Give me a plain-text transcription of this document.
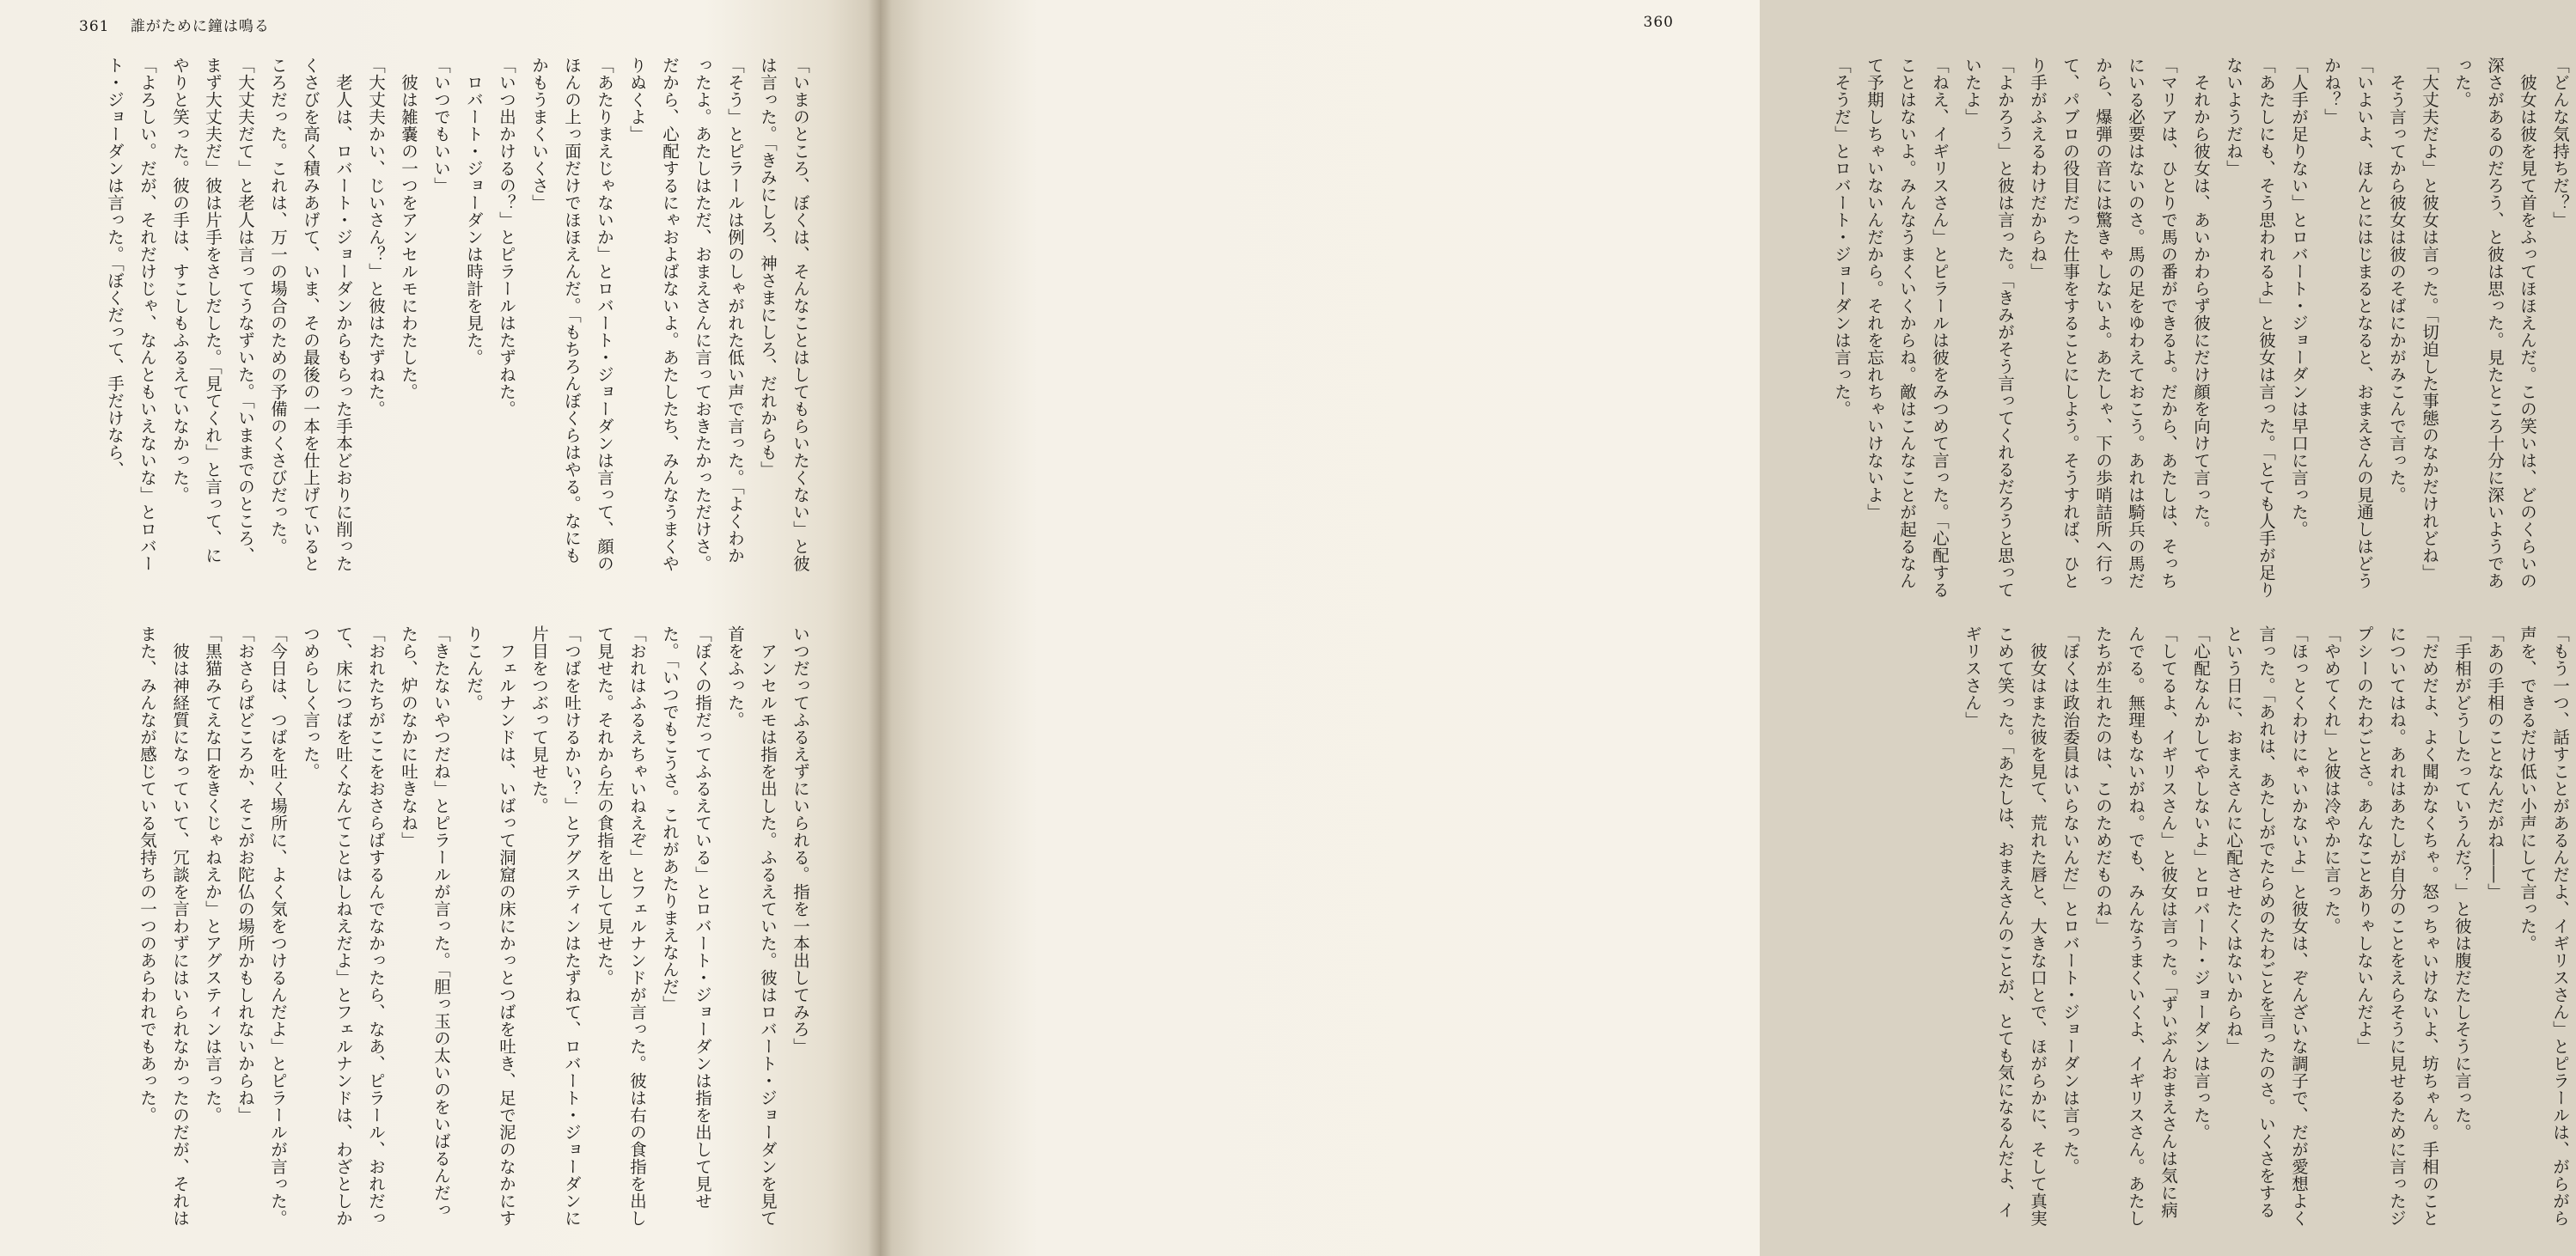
361 誰がために鐘は鳴る

「いまのところ、ぼくは、そんなことはしてもらいたくない」と彼は言った。「きみにしろ、神さまにしろ、だれからも」

「そう」とピラールは例のしゃがれた低い声で言った。「よくわかったよ。あたしはただ、おまえさんに言っておきたかっただけさ。だから、心配するにゃおよばないよ。あたしたち、みんなうまくやりぬくよ」

「あたりまえじゃないか」とロバート・ジョーダンは言って、顔のほんの上っ面だけでほほえんだ。「もちろんぼくらはやる。なにもかもうまくいくさ」

「いつ出かけるの？」とピラールはたずねた。

ロバート・ジョーダンは時計を見た。

「いつでもいい」

彼は雑嚢の一つをアンセルモにわたした。

「大丈夫かい、じいさん？」と彼はたずねた。

老人は、ロバート・ジョーダンからもらった手本どおりに削ったくさびを高く積みあげて、いま、その最後の一本を仕上げているところだった。これは、万一の場合のための予備のくさびだった。

「大丈夫だて」と老人は言ってうなずいた。「いままでのところ、まず大丈夫だ」彼は片手をさしだした。「見てくれ」と言って、にやりと笑った。彼の手は、すこしもふるえていなかった。

「よろしい。だが、それだけじゃ、なんともいえないな」とロバート・ジョーダンは言った。「ぼくだって、手だけなら、

いつだってふるえずにいられる。指を一本出してみろ」

アンセルモは指を出した。ふるえていた。彼はロバート・ジョーダンを見て首をふった。

「ぼくの指だってふるえている」とロバート・ジョーダンは指を出して見せた。「いつでもこうさ。これがあたりまえなんだ」

「おれはふるえちゃいねえぞ」とフェルナンドが言った。彼は右の食指を出して見せた。それから左の食指を出して見せた。

「つばを吐けるかい？」とアグスティンはたずねて、ロバート・ジョーダンに片目をつぶって見せた。

フェルナンドは、いばって洞窟の床にかっとつばを吐き、足で泥のなかにすりこんだ。

「きたないやつだね」とピラールが言った。「胆っ玉の太いのをいばるんだったら、炉のなかに吐きなね」

「おれたちがここをおさらばするんでなかったら、なあ、ピラール、おれだって、床につばを吐くなんてことはしねえだよ」とフェルナンドは、わざとしかつめらしく言った。

「今日は、つばを吐く場所に、よく気をつけるんだよ」とピラールが言った。「おさらばどころか、そこがお陀仏の場所かもしれないからね」

「黒猫みてえな口をきくじゃねえか」とアグスティンは言った。

彼は神経質になっていて、冗談を言わずにはいられなかったのだが、それはまた、みんなが感じている気持ちの一つのあらわれでもあった。

360

「どんな気持ちだ？」

彼女は彼を見て首をふってほほえんだ。この笑いは、どのくらいの深さがあるのだろう、と彼は思った。見たところ十分に深いようであった。

「大丈夫だよ」と彼女は言った。「切迫した事態のなかだけれどね」

そう言ってから彼女は彼のそばにかがみこんで言った。

「いよいよ、ほんとにはじまるとなると、おまえさんの見通しはどうかね？」

「人手が足りない」とロバート・ジョーダンは早口に言った。

「あたしにも、そう思われるよ」と彼女は言った。「とても人手が足りないようだね」

それから彼女は、あいかわらず彼にだけ顔を向けて言った。

「マリアは、ひとりで馬の番ができるよ。だから、あたしは、そっちにいる必要はないのさ。馬の足をゆわえておこう。あれは騎兵の馬だから、爆弾の音には驚きゃしないよ。あたしゃ、下の歩哨詰所へ行って、パブロの役目だった仕事をすることにしよう。そうすれば、ひとり手がふえるわけだからね」

「よかろう」と彼は言った。「きみがそう言ってくれるだろうと思っていたよ」

「ねえ、イギリスさん」とピラールは彼をみつめて言った。「心配することはないよ。みんなうまくいくからね。敵はこんなことが起るなんて予期しちゃいないんだから。それを忘れちゃいけないよ」

「そうだ」とロバート・ジョーダンは言った。

「もう一つ、話すことがあるんだよ、イギリスさん」とピラールは、がらがら声を、できるだけ低い小声にして言った。

「あの手相のことなんだがね――」

「手相がどうしたっていうんだ？」と彼は腹だたしそうに言った。

「だめだよ、よく聞かなくちゃ。怒っちゃいけないよ、坊ちゃん。手相のことについてはね。あれはあたしが自分のことをえらそうに見せるために言ったジプシーのたわごとさ。あんなことありゃしないんだよ」

「やめてくれ」と彼は冷やかに言った。

「ほっとくわけにゃいかないよ」と彼女は、ぞんざいな調子で、だが愛想よく言った。「あれは、あたしがでたらめのたわごとを言ったのさ。いくさをするという日に、おまえさんに心配させたくはないからね」

「心配なんかしてやしないよ」とロバート・ジョーダンは言った。

「してるよ、イギリスさん」と彼女は言った。「ずいぶんおまえさんは気に病んでる。無理もないがね。でも、みんなうまくいくよ、イギリスさん。あたしたちが生れたのは、このためだものね」

「ぼくは政治委員はいらないんだ」とロバート・ジョーダンは言った。

彼女はまた彼を見て、荒れた唇と、大きな口とで、ほがらかに、そして真実こめて笑った。「あたしは、おまえさんのことが、とても気になるんだよ、イギリスさん」
